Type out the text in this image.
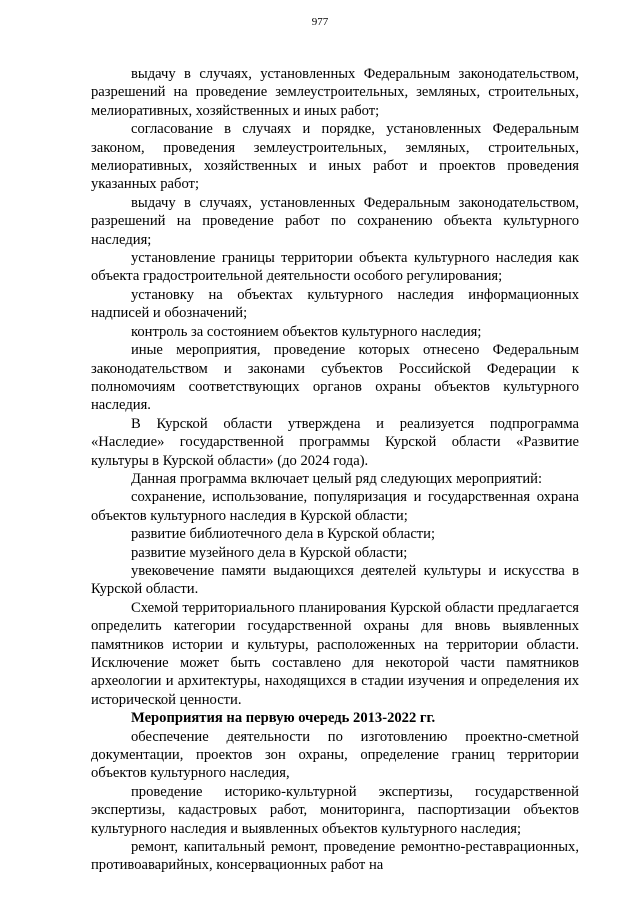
977

выдачу в случаях, установленных Федеральным законодательством, разрешений на проведение землеустроительных, земляных, строительных, мелиоративных, хозяйственных и иных работ;

согласование в случаях и порядке, установленных Федеральным законом, проведения землеустроительных, земляных, строительных, мелиоративных, хозяйственных и иных работ и проектов проведения указанных работ;

выдачу в случаях, установленных Федеральным законодательством, разрешений на проведение работ по сохранению объекта культурного наследия;

установление границы территории объекта культурного наследия как объекта градостроительной деятельности особого регулирования;

установку на объектах культурного наследия информационных надписей и обозначений;

контроль за состоянием объектов культурного наследия;

иные мероприятия, проведение которых отнесено Федеральным законодательством и законами субъектов Российской Федерации к полномочиям соответствующих органов охраны объектов культурного наследия.

В Курской области утверждена и реализуется подпрограмма «Наследие» государственной программы Курской области «Развитие культуры в Курской области» (до 2024 года).

Данная программа включает целый ряд следующих мероприятий:

сохранение, использование, популяризация и государственная охрана объектов культурного наследия в Курской области;

развитие библиотечного дела в Курской области;

развитие музейного дела в Курской области;

увековечение памяти выдающихся деятелей культуры и искусства в Курской области.

Схемой территориального планирования Курской области предлагается определить категории государственной охраны для вновь выявленных памятников истории и культуры, расположенных на территории области. Исключение может быть составлено для некоторой части памятников археологии и архитектуры, находящихся в стадии изучения и определения их исторической ценности.

Мероприятия на первую очередь 2013-2022 гг.

обеспечение деятельности по изготовлению проектно-сметной документации, проектов зон охраны, определение границ территории объектов культурного наследия,

проведение историко-культурной экспертизы, государственной экспертизы, кадастровых работ, мониторинга, паспортизации объектов культурного наследия и выявленных объектов культурного наследия;

ремонт, капитальный ремонт, проведение ремонтно-реставрационных, противоаварийных, консервационных работ на
